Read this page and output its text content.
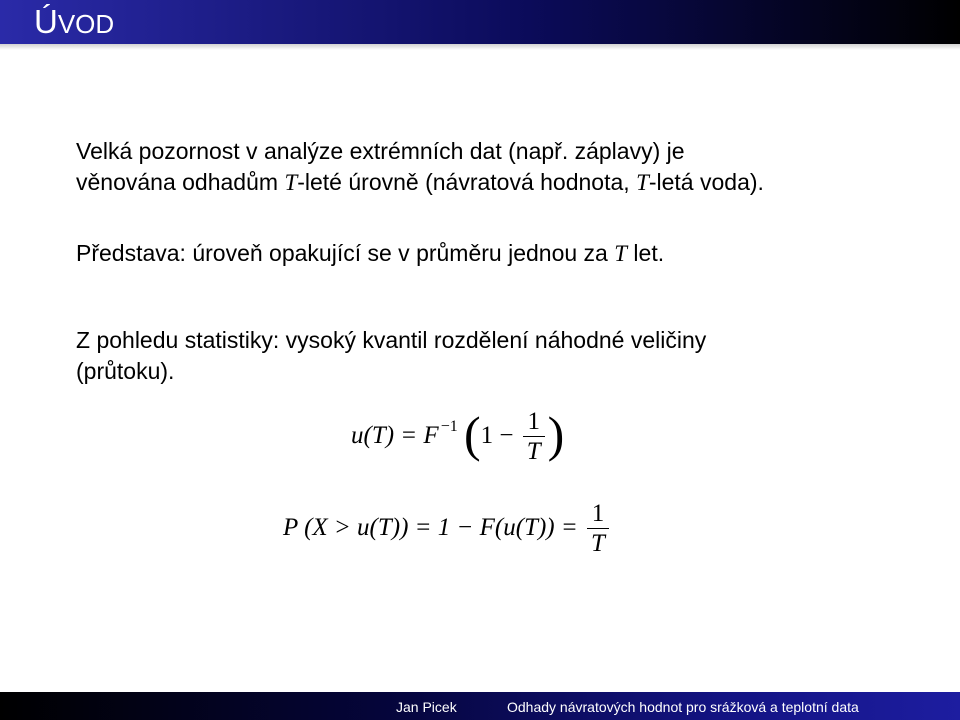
ÚVOD
Velká pozornost v analýze extrémních dat (např. záplavy) je
věnována odhadům T-leté úrovně (návratová hodnota, T-letá voda).
Představa: úroveň opakující se v průměru jednou za T let.
Z pohledu statistiky: vysoký kvantil rozdělení náhodné veličiny
(průtoku).
u(T) = F $^{-1}$ ($1 - \frac{1}{T}$ )
P $(X > u(T)) = 1 - F(u(T)) = \frac{1}{T}$
Jan Picek	Odhady návratových hodnot pro srážková a teplotní data
